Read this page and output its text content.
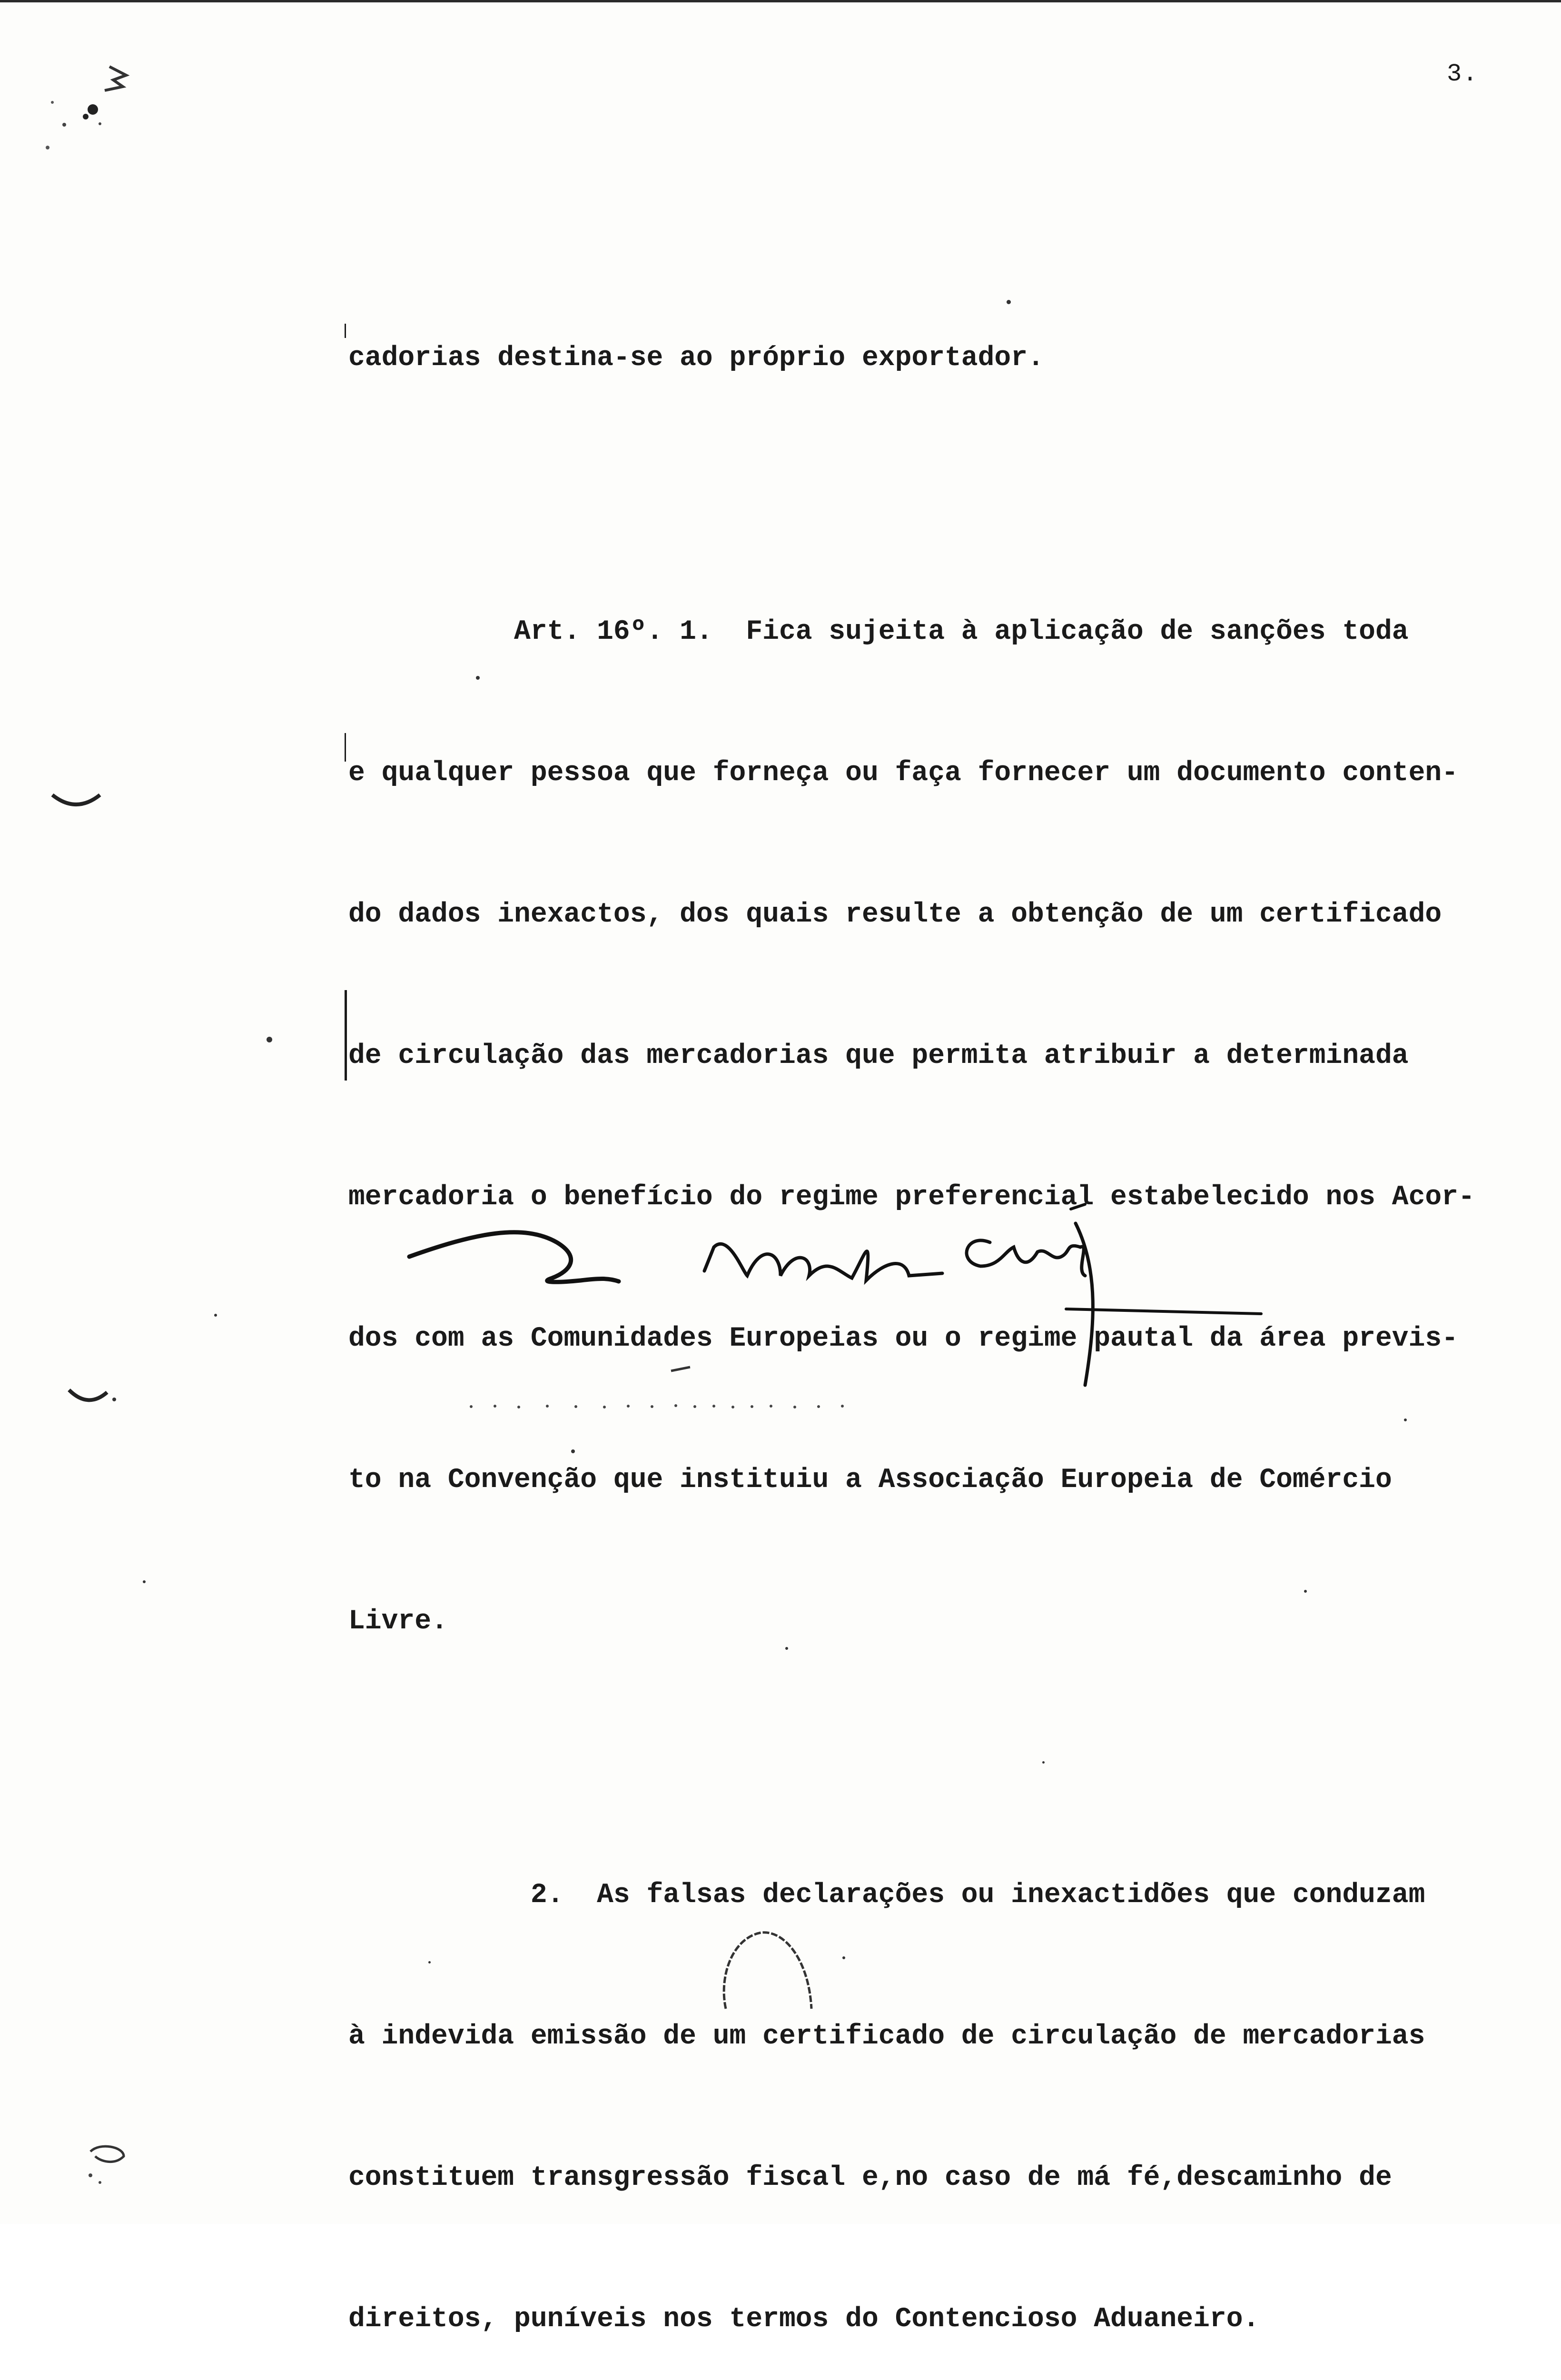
3.

cadorias destina-se ao próprio exportador.

Art. 16º. 1.  Fica sujeita à aplicação de sanções toda

e qualquer pessoa que forneça ou faça fornecer um documento conten-

do dados inexactos, dos quais resulte a obtenção de um certificado

de circulação das mercadorias que permita atribuir a determinada

mercadoria o benefício do regime preferencial estabelecido nos Acor-

dos com as Comunidades Europeias ou o regime pautal da área previs-

to na Convenção que instituiu a Associação Europeia de Comércio

Livre.

2.  As falsas declarações ou inexactidões que conduzam

à indevida emissão de um certificado de circulação de mercadorias

constituem transgressão fiscal e,no caso de má fé,descaminho de

direitos, puníveis nos termos do Contencioso Aduaneiro.
